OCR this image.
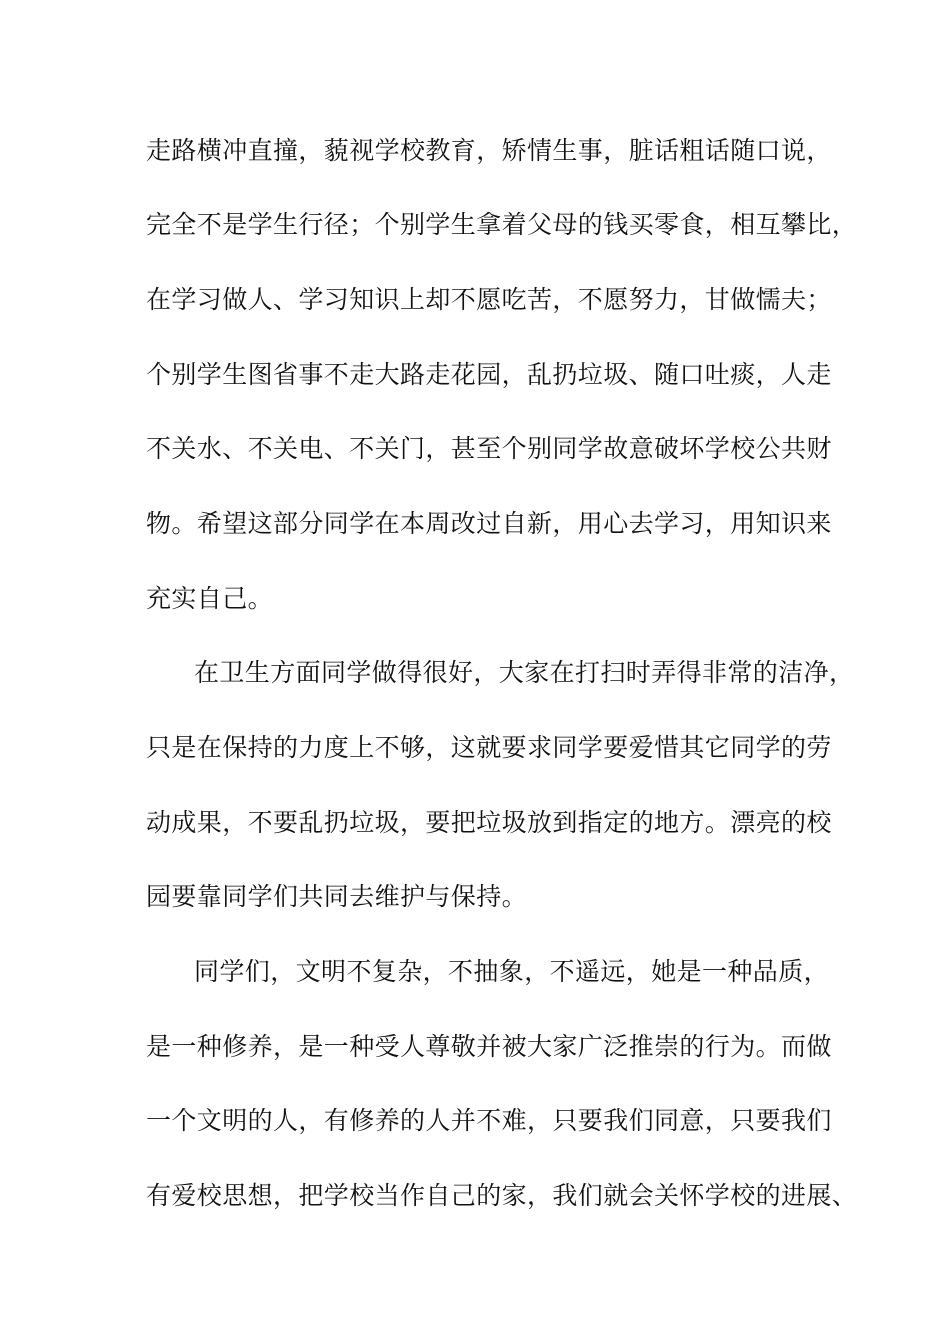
走路横冲直撞，藐视学校教育，矫情生事，脏话粗话随口说，
完全不是学生行径；个别学生拿着父母的钱买零食，相互攀比，
在学习做人、学习知识上却不愿吃苦，不愿努力，甘做懦夫；
个别学生图省事不走大路走花园，乱扔垃圾、随口吐痰，人走
不关水、不关电、不关门，甚至个别同学故意破坏学校公共财
物。希望这部分同学在本周改过自新，用心去学习，用知识来
充实自己。
在卫生方面同学做得很好，大家在打扫时弄得非常的洁净，
只是在保持的力度上不够，这就要求同学要爱惜其它同学的劳
动成果，不要乱扔垃圾，要把垃圾放到指定的地方。漂亮的校
园要靠同学们共同去维护与保持。
同学们，文明不复杂，不抽象，不遥远，她是一种品质，
是一种修养，是一种受人尊敬并被大家广泛推崇的行为。而做
一个文明的人，有修养的人并不难，只要我们同意，只要我们
有爱校思想，把学校当作自己的家，我们就会关怀学校的进展、
